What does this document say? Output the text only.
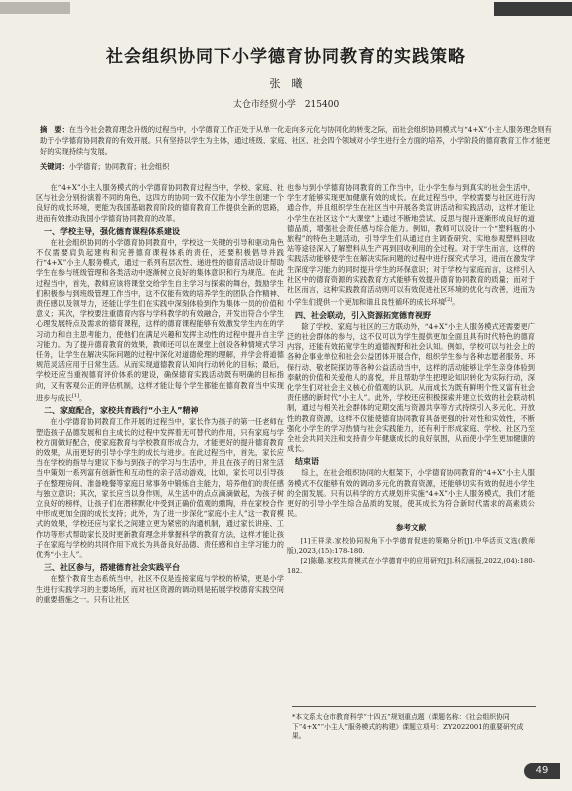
社会组织协同下小学德育协同教育的实践策略
张　曦
太仓市经贸小学　215400
摘　要：在当今社会教育理念升级的过程当中，小学德育工作正处于从单一化走向多元化与协同化的转变之际，而社会组织协同模式与“4+X”小主人服务理念则有助于小学德育协同教育的有效开展。只有坚持以学生为主体，通过班级、家庭、社区、社会四个领域对小学生进行全方面的培养，小学阶段的德育教育工作才能更好的实现持续与发展。
关键词：小学德育；协同教育；社会组织

在“4+X”小主人服务模式的小学德育协同教育过程当中，学校、家庭、社区与社会分别扮演着不同的角色，这四方的协同一致不仅能为小学生创建一个良好的成长环境，更能为我国基础教育阶段的德育教育工作提供全新的思路，进而有效推动我国小学德育协同教育的改革。

一、学校主导，强化德育课程体系建设

在社会组织协同的小学德育协同教育中，学校这一关键的引导和驱动角色不仅需要肩负起建构和完善德育课程体系的责任，还要积极倡导并践行“4+X”小主人服务模式，通过一系列有层次性、递进性的德育活动设计帮助学生在参与班级管理和各类活动中逐渐树立良好的集体意识和行为规范。在此过程当中，首先，教师应该将课堂交给学生自主学习与探索的舞台，鼓励学生们积极参与到班级管理工作当中，这不仅能有效的培养学生的团队合作精神、责任感以及领导力，还能让学生们在实践中深刻体验到作为集体一员的价值和意义；其次，学校要注重德育内容与学科教学的有效融合，开发出符合小学生心理发展特点及需求的德育课程，这样的德育课程能够有效激发学生内在的学习动力和自主思考能力，使他们在满足兴趣和发挥主动性的过程中提升自主学习能力。为了提升德育教育的效果，教师还可以在课堂上创设各种情境式学习任务，让学生在解决实际问题的过程中深化对道德伦理的理解，并学会将道德规范灵活应用于日常生活。从而实现道德教育认知向行动转化的目标；最后，学校还应当重视德育评价体系的建设，确保德育实践活动既有明确的目标指向，又有客观公正的评估机制，这样才能让每个学生都能在德育教育当中实现进步与成长[1]。

二、家庭配合，家校共育践行“小主人”精神

在小学德育协同教育工作开展的过程当中，家长作为孩子的第一任老师在塑造孩子品德发展和自主成长的过程中发挥着无可替代的作用，只有家庭与学校方面做好配合，使家庭教育与学校教育形成合力，才能更好的提升德育教育的效果，从而更好的引导小学生的成长与进步。在此过程当中，首先，家长应当在学校的指导与建议下参与到孩子的学习与生活中，并且在孩子的日常生活当中策划一系列富有创新性和互动性的亲子活动游戏，比如，家长可以引导孩子在整理房间、准备晚餐等家庭日常事务中锻炼自主能力，培养他们的责任感与独立意识；其次，家长应当以身作则，从生活中的点点滴滴做起，为孩子树立良好的榜样，让孩子们在潜移默化中受到正确价值观的熏陶，并在家校合作中形成更加全面的成长支持；此外，为了进一步深化“家庭小主人”这一教育模式的效果，学校还应与家长之间建立更为紧密的沟通机制，通过家长讲座、工作坊等形式帮助家长及时更新教育理念并掌握科学的教育方法，这样才能让孩子在家庭与学校的共同作用下成长为具备良好品德、责任感和自主学习能力的优秀“小主人”。

三、社区参与，搭建德育社会实践平台

在整个教育生态系统当中，社区不仅是连接家庭与学校的桥梁，更是小学生进行实践学习的主要场所，而对社区资源的调动则是拓展学校德育实践空间的重要措施之一。只有让社区

也参与到小学德育协同教育的工作当中，让小学生参与到真实的社会生活中，学生才能够实现更加健康有效的成长。在此过程当中，学校需要与社区进行沟通合作，并且组织学生在社区当中开展各类宣讲活动和实践活动，这样才能让小学生在社区这个“大课堂”上通过不断地尝试、反思与提升逐渐形成良好的道德品质，增强社会责任感与综合能力。例如，教师可以设计一个“塑料瓶的小旅程”的特色主题活动，引导学生们从通过自主调查研究、实地参观塑料回收站等途径深入了解塑料从生产再到回收利用的全过程。对于学生而言，这样的实践活动能够使学生在解决实际问题的过程中进行探究式学习，进而在激发学生深度学习能力的同时提升学生的环保意识；对于学校与家庭而言，这样引入社区中的德育资源的实践教育方式能够有效提升德育协同教育的质量；而对于社区而言，这种实践教育活动则可以有效促进社区环境的优化与改善，进而为小学生们提供一个更加和谐且良性循环的成长环境[2]。

四、社会联动，引入资源拓宽德育视野

除了学校、家庭与社区的三方联动外，“4+X”小主人服务模式还需要更广泛的社会群体的参与，这不仅可以为学生提供更加全面且具有时代特色的德育内容，还能有效拓宽学生的道德视野和社会认知。例如，学校可以与社会上的各种企事业单位和社会公益团体开展合作，组织学生参与各种志愿者服务、环保行动、敬老院探访等各种公益活动当中，这样的活动能够让学生亲身体验到奉献的价值和关爱他人的喜悦，并且帮助学生把理论知识转化为实际行动，深化学生们对社会主义核心价值观的认识。从而成长为既有鲜明个性又富有社会责任感的新时代“小主人”。此外，学校还应积极探索并建立长效的社会联动机制，通过与相关社会群体的定期交流与资源共享等方式持续引入多元化、开放性的教育资源，这样不仅能使德育协同教育具备更强的针对性和实效性，不断强化小学生的学习热情与社会实践能力，还有利于形成家庭、学校、社区乃至全社会共同关注和支持青少年健康成长的良好氛围，从而使小学生更加健康的成长。

结束语

综上，在社会组织协同的大框架下，小学德育协同教育的“4+X”小主人服务模式不仅能够有效的调动多元化的教育资源，还能够切实有效的促进小学生的全面发展。只有以科学的方式规划并实施“4+X”小主人服务模式，我们才能更好的引导小学生综合品质的发展，使其成长为符合新时代需求的高素质公民。

参考文献

[1]王祥录.家校协同视角下小学德育促进的策略分析[J].中华活页文选(教师版),2023,(15):178-180.

[2]陈璐.家校共育模式在小学德育中的应用研究[J].科幻画报,2022,(04):180-182.

*本文系太仓市教育科学“十四五”规划重点题（课题名称：《社会组织协同下“4+X”“小主人”服务模式的构建》课题立项号：ZY2022001的重要研究成果。
49
